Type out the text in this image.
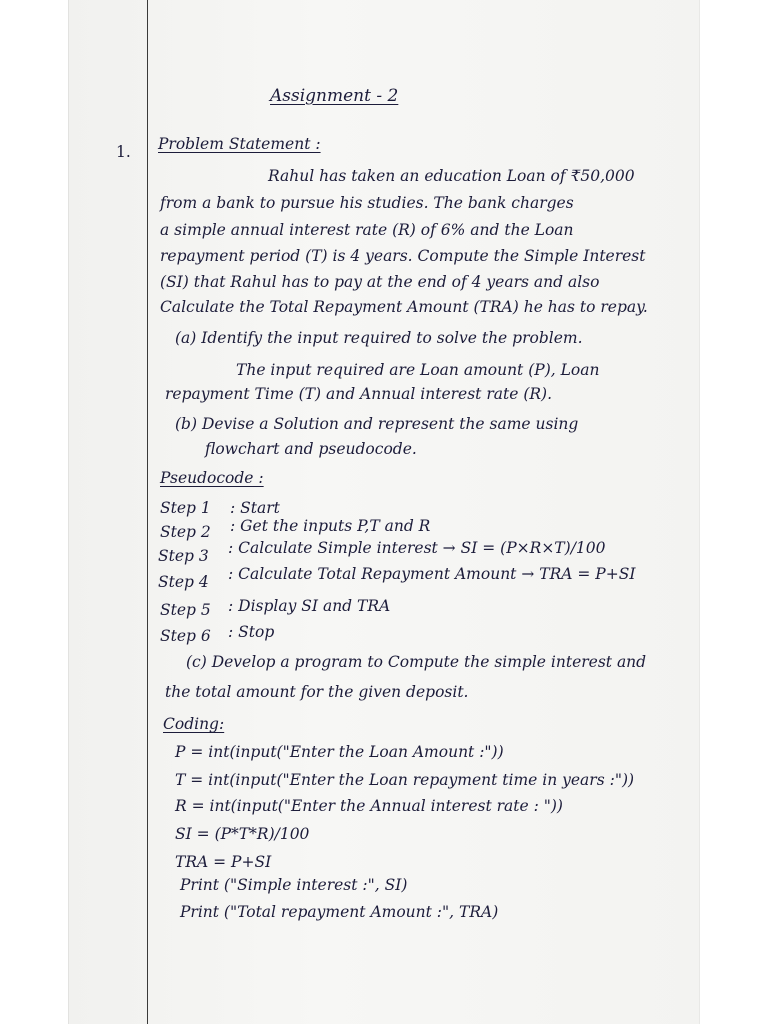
Assignment - 2
1. Problem Statement :
Rahul has taken an education Loan of ₹50,000
from a bank to pursue his studies. The bank charges
a simple annual interest rate (R) of 6% and the Loan
repayment period (T) is 4 years. Compute the Simple Interest
(SI) that Rahul has to pay at the end of 4 years and also
Calculate the Total Repayment Amount (TRA) he has to repay.
(a) Identify the input required to solve the problem.
The input required are Loan amount (P), Loan
repayment Time (T) and Annual interest rate (R).
(b) Devise a Solution and represent the same using
flowchart and pseudocode.
Pseudocode :
Step 1 : Start
Step 2 : Get the inputs P,T and R
Step 3 : Calculate Simple interest → SI = (P×R×T)/100
Step 4 : Calculate Total Repayment Amount → TRA = P+SI
Step 5 : Display SI and TRA
Step 6 : Stop
(c) Develop a program to Compute the simple interest and
the total amount for the given deposit.
Coding:
P = int(input("Enter the Loan Amount :"))
T = int(input("Enter the Loan repayment time in years :"))
R = int(input("Enter the Annual interest rate : "))
SI = (P*T*R)/100
TRA = P+SI
Print ("Simple interest :", SI)
Print ("Total repayment Amount :", TRA)
